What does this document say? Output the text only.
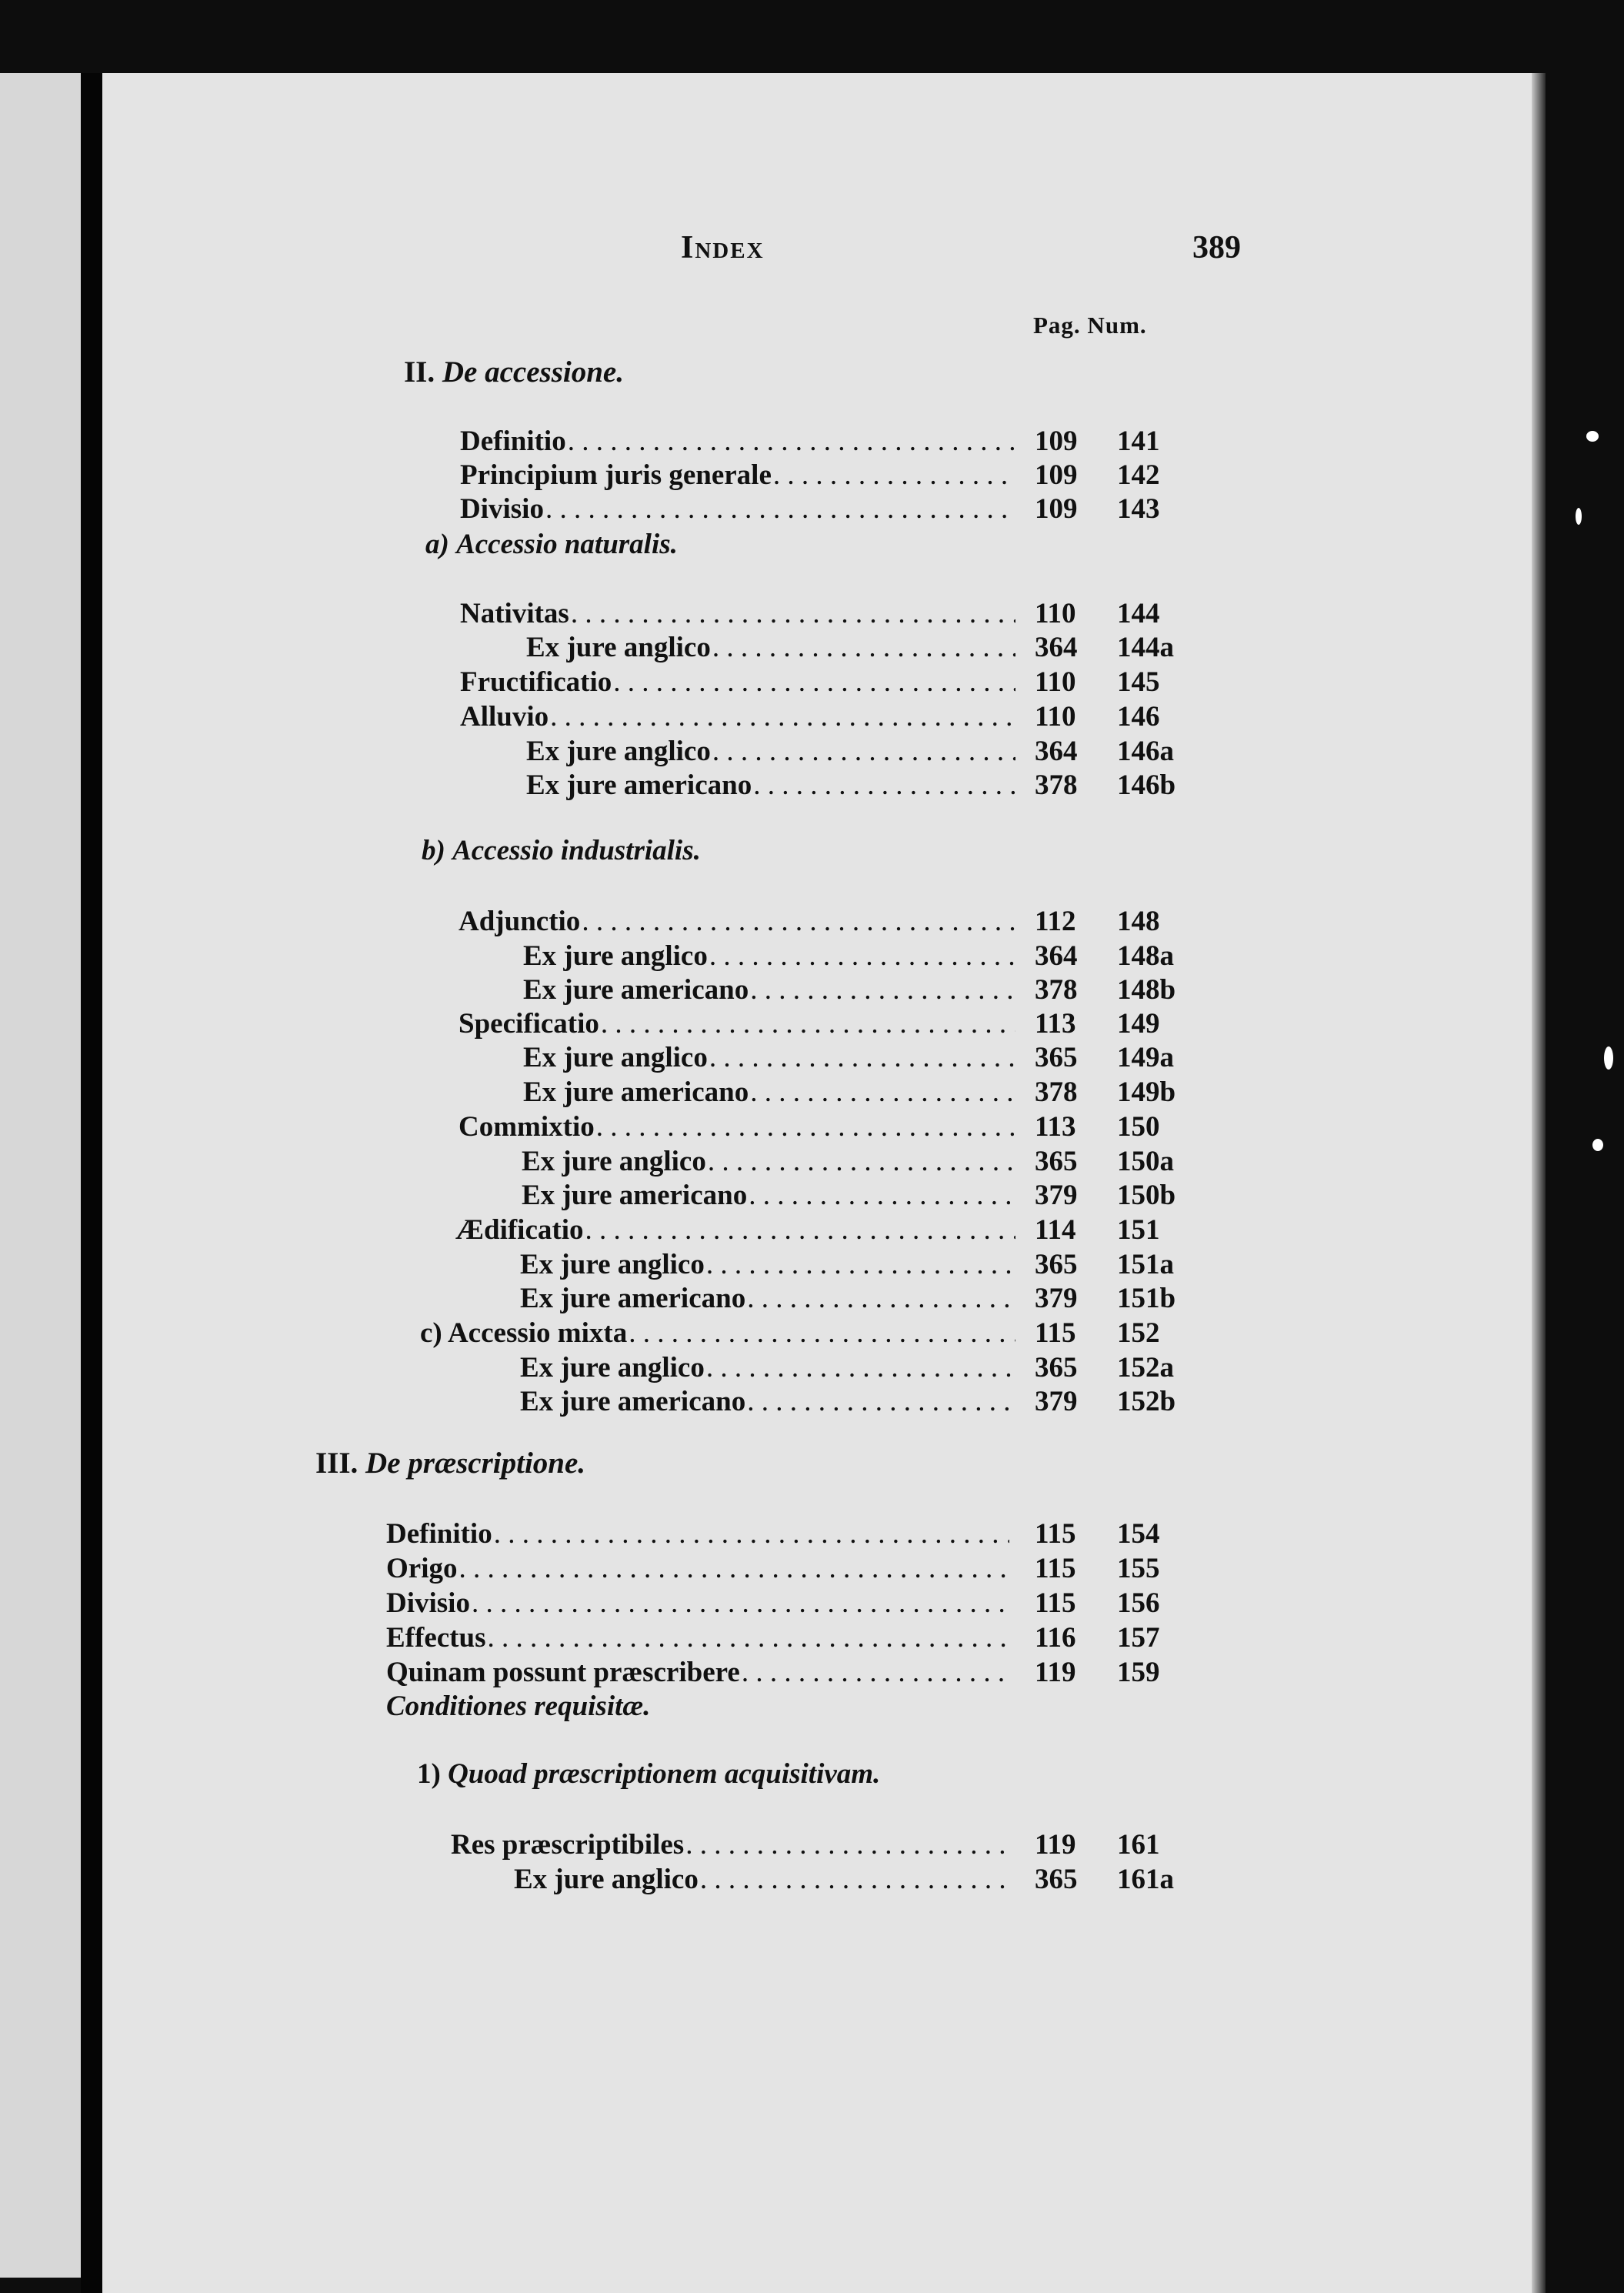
Index	389
Pag. Num.
II. De accessione.
Definitio . . .	109	141
Principium juris generale . . .	109	142
Divisio . . .	109	143
a) Accessio naturalis.
Nativitas . . .	110	144
Ex jure anglico . . .	364	144a
Fructificatio . . .	110	145
Alluvio . . .	110	146
Ex jure anglico . . .	364	146a
Ex jure americano . . .	378	146b
b) Accessio industrialis.
Adjunctio . . .	112	148
Ex jure anglico . . .	364	148a
Ex jure americano . . .	378	148b
Specificatio . . .	113	149
Ex jure anglico . . .	365	149a
Ex jure americano . . .	378	149b
Commixtio . . .	113	150
Ex jure anglico . . .	365	150a
Ex jure americano . . .	379	150b
Ædificatio . . .	114	151
Ex jure anglico . . .	365	151a
Ex jure americano . . .	379	151b
c) Accessio mixta . . .	115	152
Ex jure anglico . . .	365	152a
Ex jure americano . . .	379	152b
III. De præscriptione.
Definitio . . .	115	154
Origo . . .	115	155
Divisio . . .	115	156
Effectus . . .	116	157
Quinam possunt præscribere . . .	119	159
Conditiones requisitæ.
1) Quoad præscriptionem acquisitivam.
Res præscriptibiles . . .	119	161
Ex jure anglico . . .	365	161a
